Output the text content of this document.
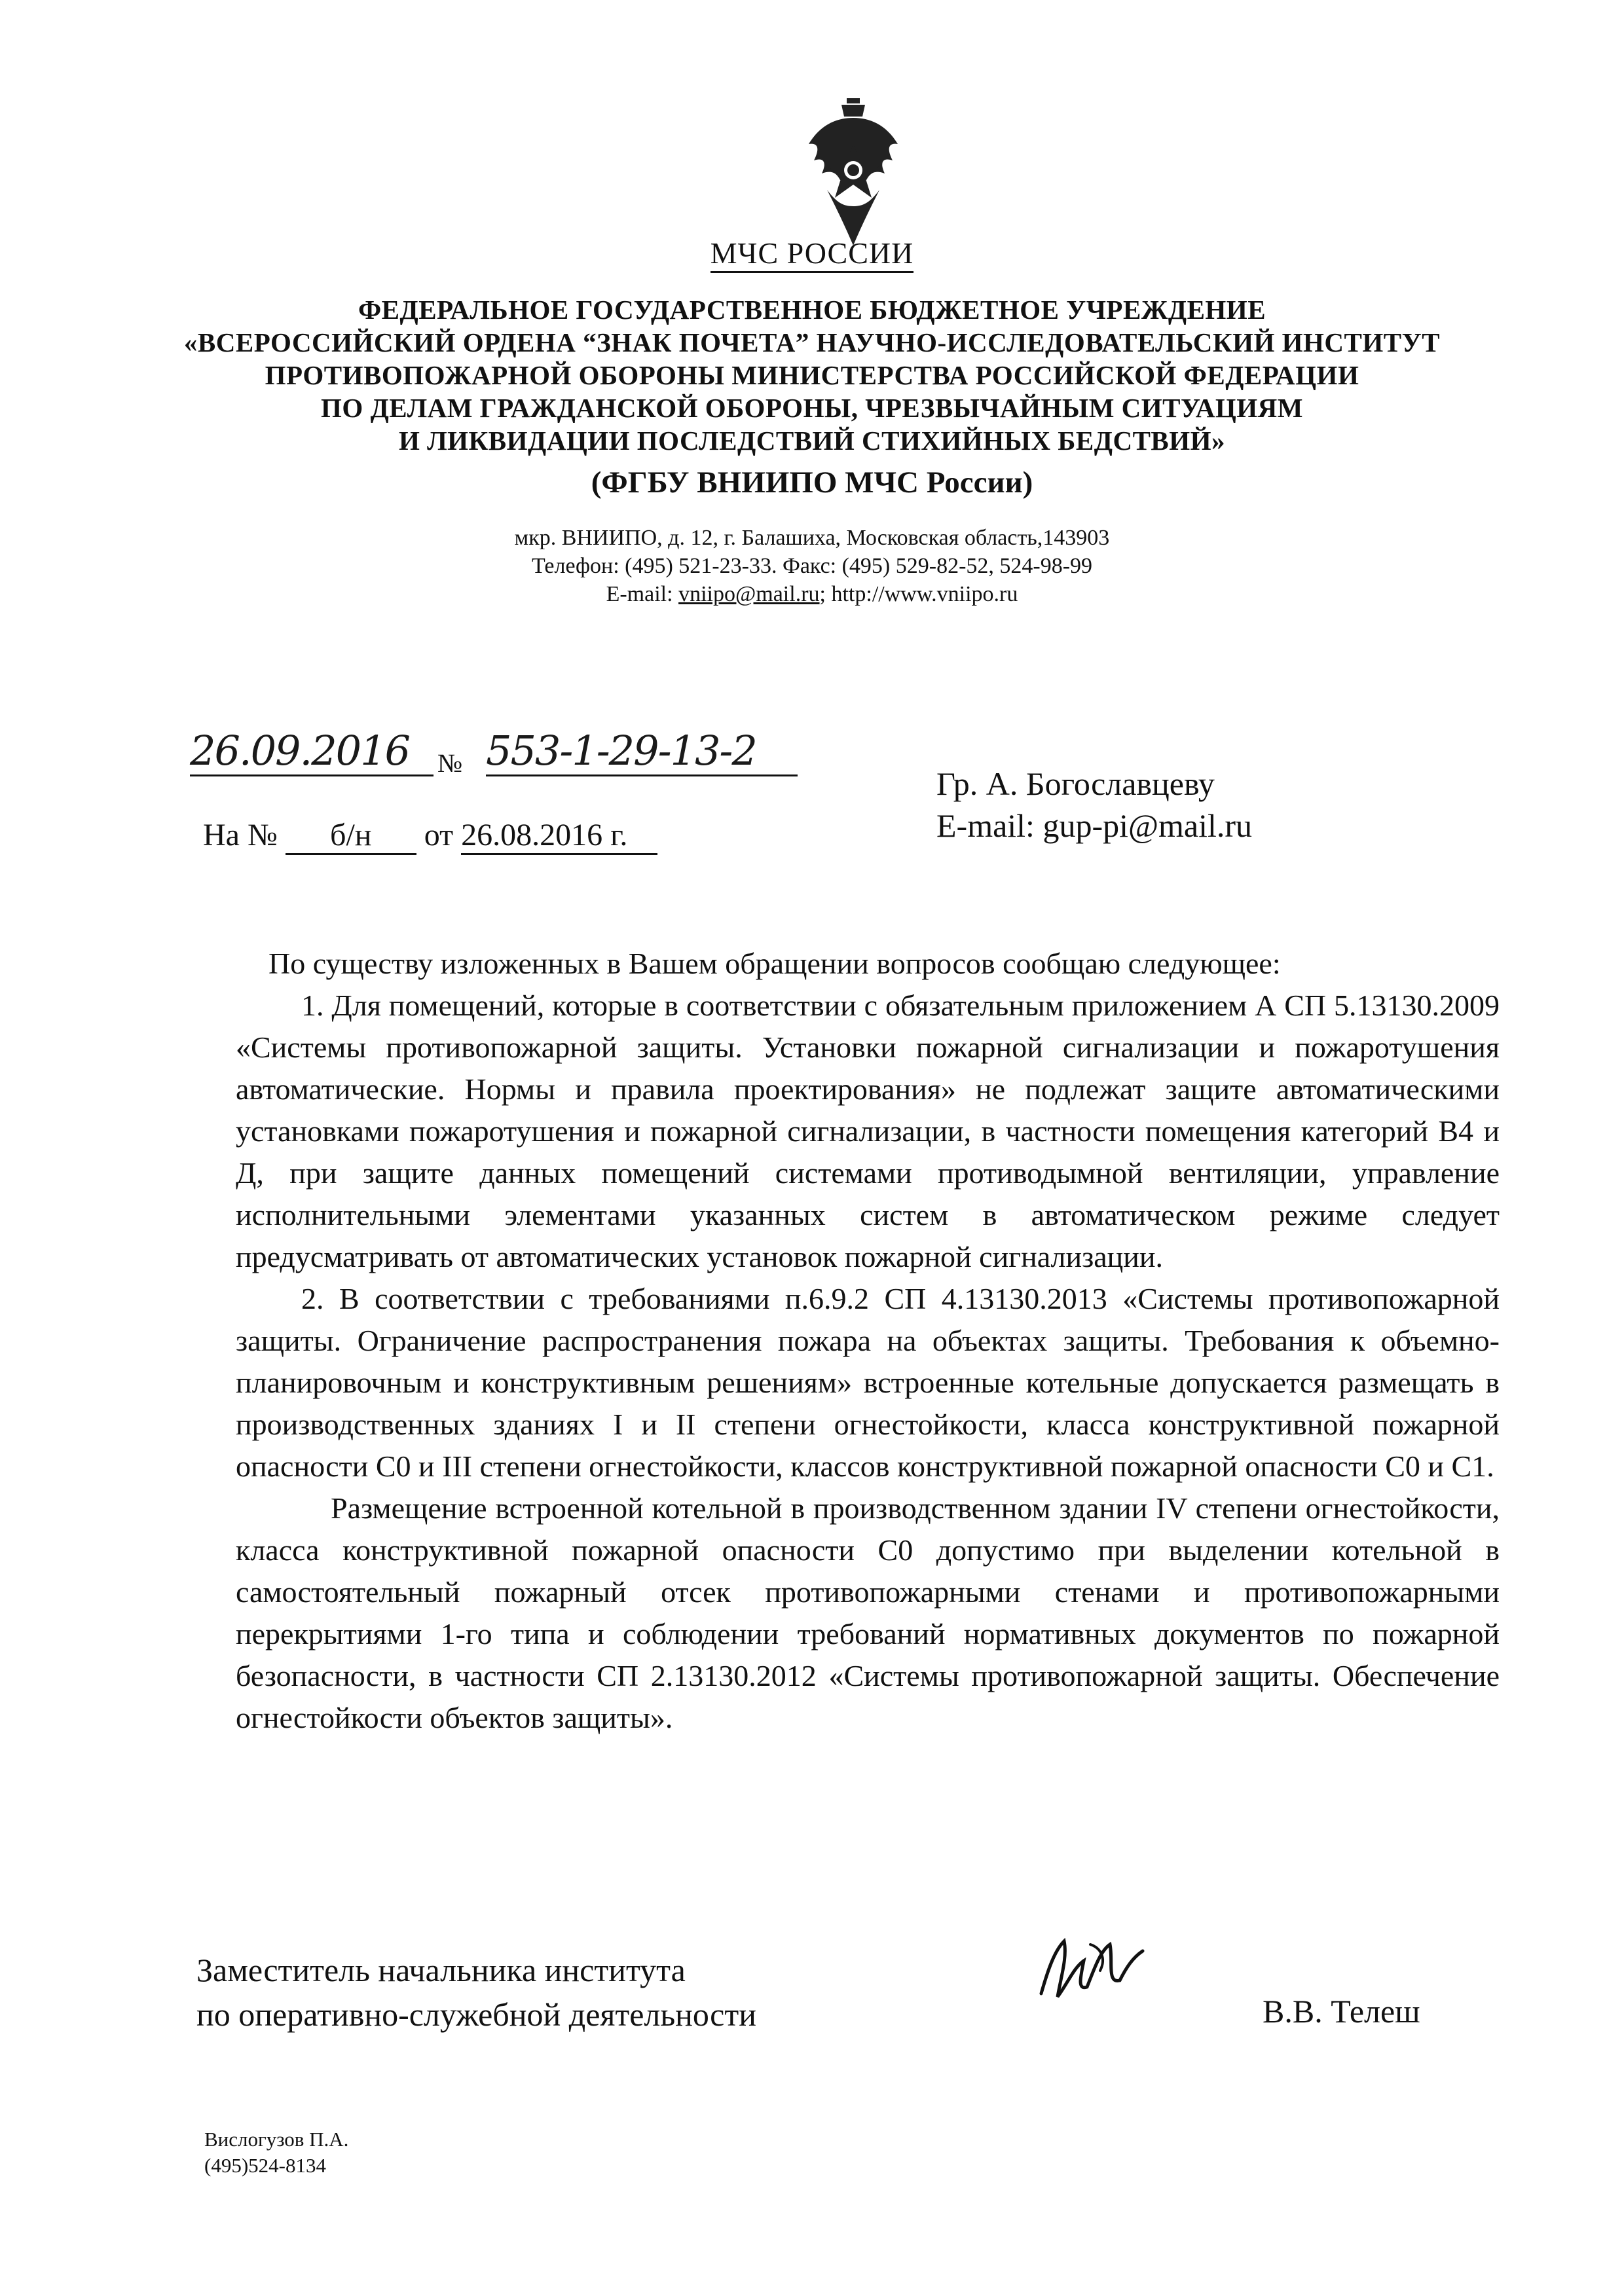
МЧС РОССИИ
ФЕДЕРАЛЬНОЕ ГОСУДАРСТВЕННОЕ БЮДЖЕТНОЕ УЧРЕЖДЕНИЕ
«ВСЕРОССИЙСКИЙ ОРДЕНА “ЗНАК ПОЧЕТА” НАУЧНО-ИССЛЕДОВАТЕЛЬСКИЙ ИНСТИТУТ
ПРОТИВОПОЖАРНОЙ ОБОРОНЫ МИНИСТЕРСТВА РОССИЙСКОЙ ФЕДЕРАЦИИ
ПО ДЕЛАМ ГРАЖДАНСКОЙ ОБОРОНЫ, ЧРЕЗВЫЧАЙНЫМ СИТУАЦИЯМ
И ЛИКВИДАЦИИ ПОСЛЕДСТВИЙ СТИХИЙНЫХ БЕДСТВИЙ»
(ФГБУ ВНИИПО МЧС России)
мкр. ВНИИПО, д. 12, г. Балашиха, Московская область,143903
Телефон: (495) 521-23-33. Факс: (495) 529-82-52, 524-98-99
E-mail: vniipo@mail.ru; http://www.vniipo.ru
26.09.2016	№ 553-1-29-13-2
На № б/н от 26.08.2016 г.
Гр. А. Богославцеву
E-mail: gup-pi@mail.ru

По существу изложенных в Вашем обращении вопросов сообщаю следующее:

1. Для помещений, которые в соответствии с обязательным приложением А СП 5.13130.2009 «Системы противопожарной защиты. Установки пожарной сигнализации и пожаротушения автоматические. Нормы и правила проектирования» не подлежат защите автоматическими установками пожаротушения и пожарной сигнализации, в частности помещения категорий В4 и Д, при защите данных помещений системами противодымной вентиляции, управление исполнительными элементами указанных систем в автоматическом режиме следует предусматривать от автоматических установок пожарной сигнализации.

2. В соответствии с требованиями п.6.9.2 СП 4.13130.2013 «Системы противопожарной защиты. Ограничение распространения пожара на объектах защиты. Требования к объемно-планировочным и конструктивным решениям» встроенные котельные допускается размещать в производственных зданиях I и II степени огнестойкости, класса конструктивной пожарной опасности С0 и III степени огнестойкости, классов конструктивной пожарной опасности С0 и С1.

Размещение встроенной котельной в производственном здании IV степени огнестойкости, класса конструктивной пожарной опасности С0 допустимо при выделении котельной в самостоятельный пожарный отсек противопожарными стенами и противопожарными перекрытиями 1-го типа и соблюдении требований нормативных документов по пожарной безопасности, в частности СП 2.13130.2012 «Системы противопожарной защиты. Обеспечение огнестойкости объектов защиты».

Заместитель начальника института
по оперативно-служебной деятельности	В.В. Телеш
Вислогузов П.А.
(495)524-8134
